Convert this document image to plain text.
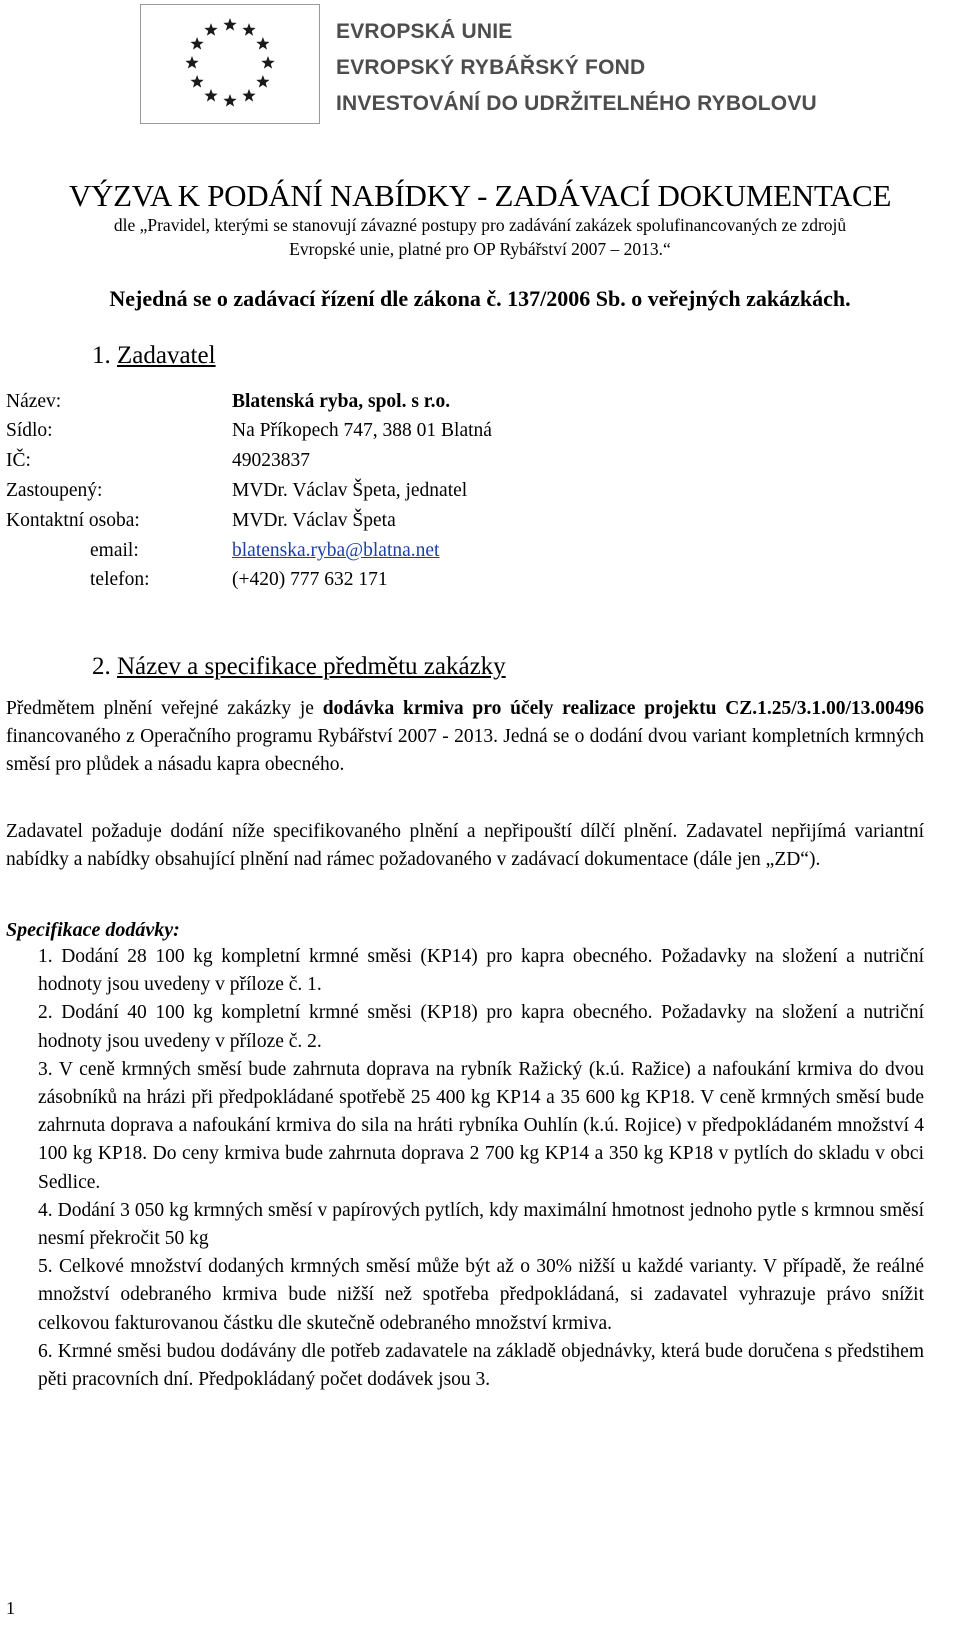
EVROPSKÁ UNIE
EVROPSKÝ RYBÁŘSKÝ FOND
INVESTOVÁNÍ DO UDRŽITELNÉHO RYBOLOVU
VÝZVA K PODÁNÍ NABÍDKY - ZADÁVACÍ DOKUMENTACE
dle „Pravidel, kterými se stanovují závazné postupy pro zadávání zakázek spolufinancovaných ze zdrojů
Evropské unie, platné pro OP Rybářství 2007 – 2013.“
Nejedná se o zadávací řízení dle zákona č. 137/2006 Sb. o veřejných zakázkách.
1. Zadavatel
Název:	Blatenská ryba, spol. s r.o.
Sídlo:	Na Příkopech 747, 388 01 Blatná
IČ:	49023837
Zastoupený:	MVDr. Václav Špeta, jednatel
Kontaktní osoba:	MVDr. Václav Špeta
email:	blatenska.ryba@blatna.net
telefon:	(+420) 777 632 171
2. Název a specifikace předmětu zakázky
Předmětem plnění veřejné zakázky je dodávka krmiva pro účely realizace projektu CZ.1.25/3.1.00/13.00496 financovaného z Operačního programu Rybářství 2007 - 2013. Jedná se o dodání dvou variant kompletních krmných směsí pro plůdek a násadu kapra obecného.
Zadavatel požaduje dodání níže specifikovaného plnění a nepřipouští dílčí plnění. Zadavatel nepřijímá variantní nabídky a nabídky obsahující plnění nad rámec požadovaného v zadávací dokumentace (dále jen „ZD“).
Specifikace dodávky:

1. Dodání 28 100 kg kompletní krmné směsi (KP14) pro kapra obecného. Požadavky na složení a nutriční hodnoty jsou uvedeny v příloze č. 1.

2. Dodání 40 100 kg kompletní krmné směsi (KP18) pro kapra obecného. Požadavky na složení a nutriční hodnoty jsou uvedeny v příloze č. 2.

3. V ceně krmných směsí bude zahrnuta doprava na rybník Ražický (k.ú. Ražice) a nafoukání krmiva do dvou zásobníků na hrázi při předpokládané spotřebě 25 400 kg KP14 a 35 600 kg KP18. V ceně krmných směsí bude zahrnuta doprava a nafoukání krmiva do sila na hráti rybníka Ouhlín (k.ú. Rojice) v předpokládaném množství 4 100 kg KP18. Do ceny krmiva bude zahrnuta doprava 2 700 kg KP14 a 350 kg KP18 v pytlích do skladu v obci Sedlice.

4. Dodání 3 050 kg krmných směsí v papírových pytlích, kdy maximální hmotnost jednoho pytle s krmnou směsí nesmí překročit 50 kg

5. Celkové množství dodaných krmných směsí může být až o 30% nižší u každé varianty. V případě, že reálné množství odebraného krmiva bude nižší než spotřeba předpokládaná, si zadavatel vyhrazuje právo snížit celkovou fakturovanou částku dle skutečně odebraného množství krmiva.

6. Krmné směsi budou dodávány dle potřeb zadavatele na základě objednávky, která bude doručena s předstihem pěti pracovních dní. Předpokládaný počet dodávek jsou 3.

1
